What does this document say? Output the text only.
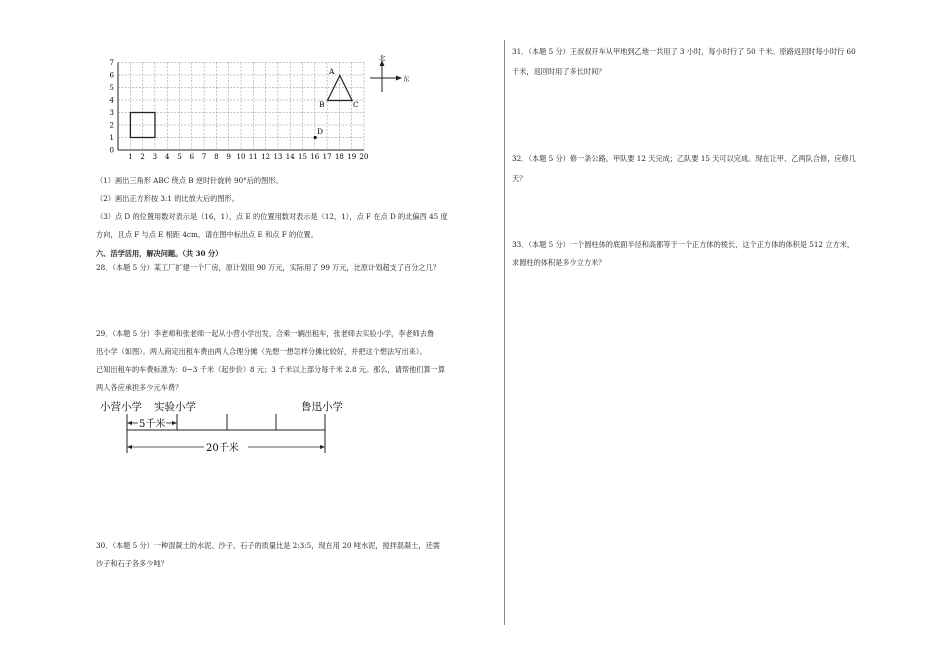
1 2 3 4 5 6 7 8 9 10 11 12 13 14 15 16 17 18 19 20
0
1
2
3
4
5
6
7
A
B	C
D
北
东

（1）画出三角形 ABC 绕点 B 逆时针旋转 90°后的图形。

（2）画出正方形按 3:1 的比放大后的图形。

（3）点 D 的位置用数对表示是（16，1），点 E 的位置用数对表示是（12，1），点 F 在点 D 的北偏西 45 度

方向，且点 F 与点 E 相距 4cm，请在图中标出点 E 和点 F 的位置。

六、活学活用，解决问题。（共 30 分）

28．（本题 5 分）某工厂扩建一个厂房，原计划用 90 万元，实际用了 99 万元，比原计划超支了百分之几？

29．（本题 5 分）李老师和张老师一起从小营小学出发，合乘一辆出租车，张老师去实验小学，李老师去鲁

迅小学（如图）。两人商定出租车费由两人合理分摊（先想一想怎样分摊比较好，并把这个想法写出来）。

已知出租车的车费标准为：0~3 千米（起步价）8 元；3 千米以上部分每千米 2.8 元。那么，请帮他们算一算

两人各应承担多少元车费？

30．（本题 5 分）一种混凝土的水泥、沙子、石子的质量比是 2:3:5，现在用 20 吨水泥，搅拌混凝土，还需

沙子和石子各多少吨？

小营小学 实验小学	鲁迅小学
5千米
20千米

31．（本题 5 分）王叔叔开车从甲地到乙地一共用了 3 小时，每小时行了 50 千米。原路返回时每小时行 60

千米，返回时用了多长时间？

32．（本题 5 分）修一条公路，甲队要 12 天完成；乙队要 15 天可以完成。现在让甲、乙两队合修，应修几

天？

33．（本题 5 分）一个圆柱体的底面半径和高都等于一个正方体的棱长，这个正方体的体积是 512 立方米，

求圆柱的体积是多少立方米？
